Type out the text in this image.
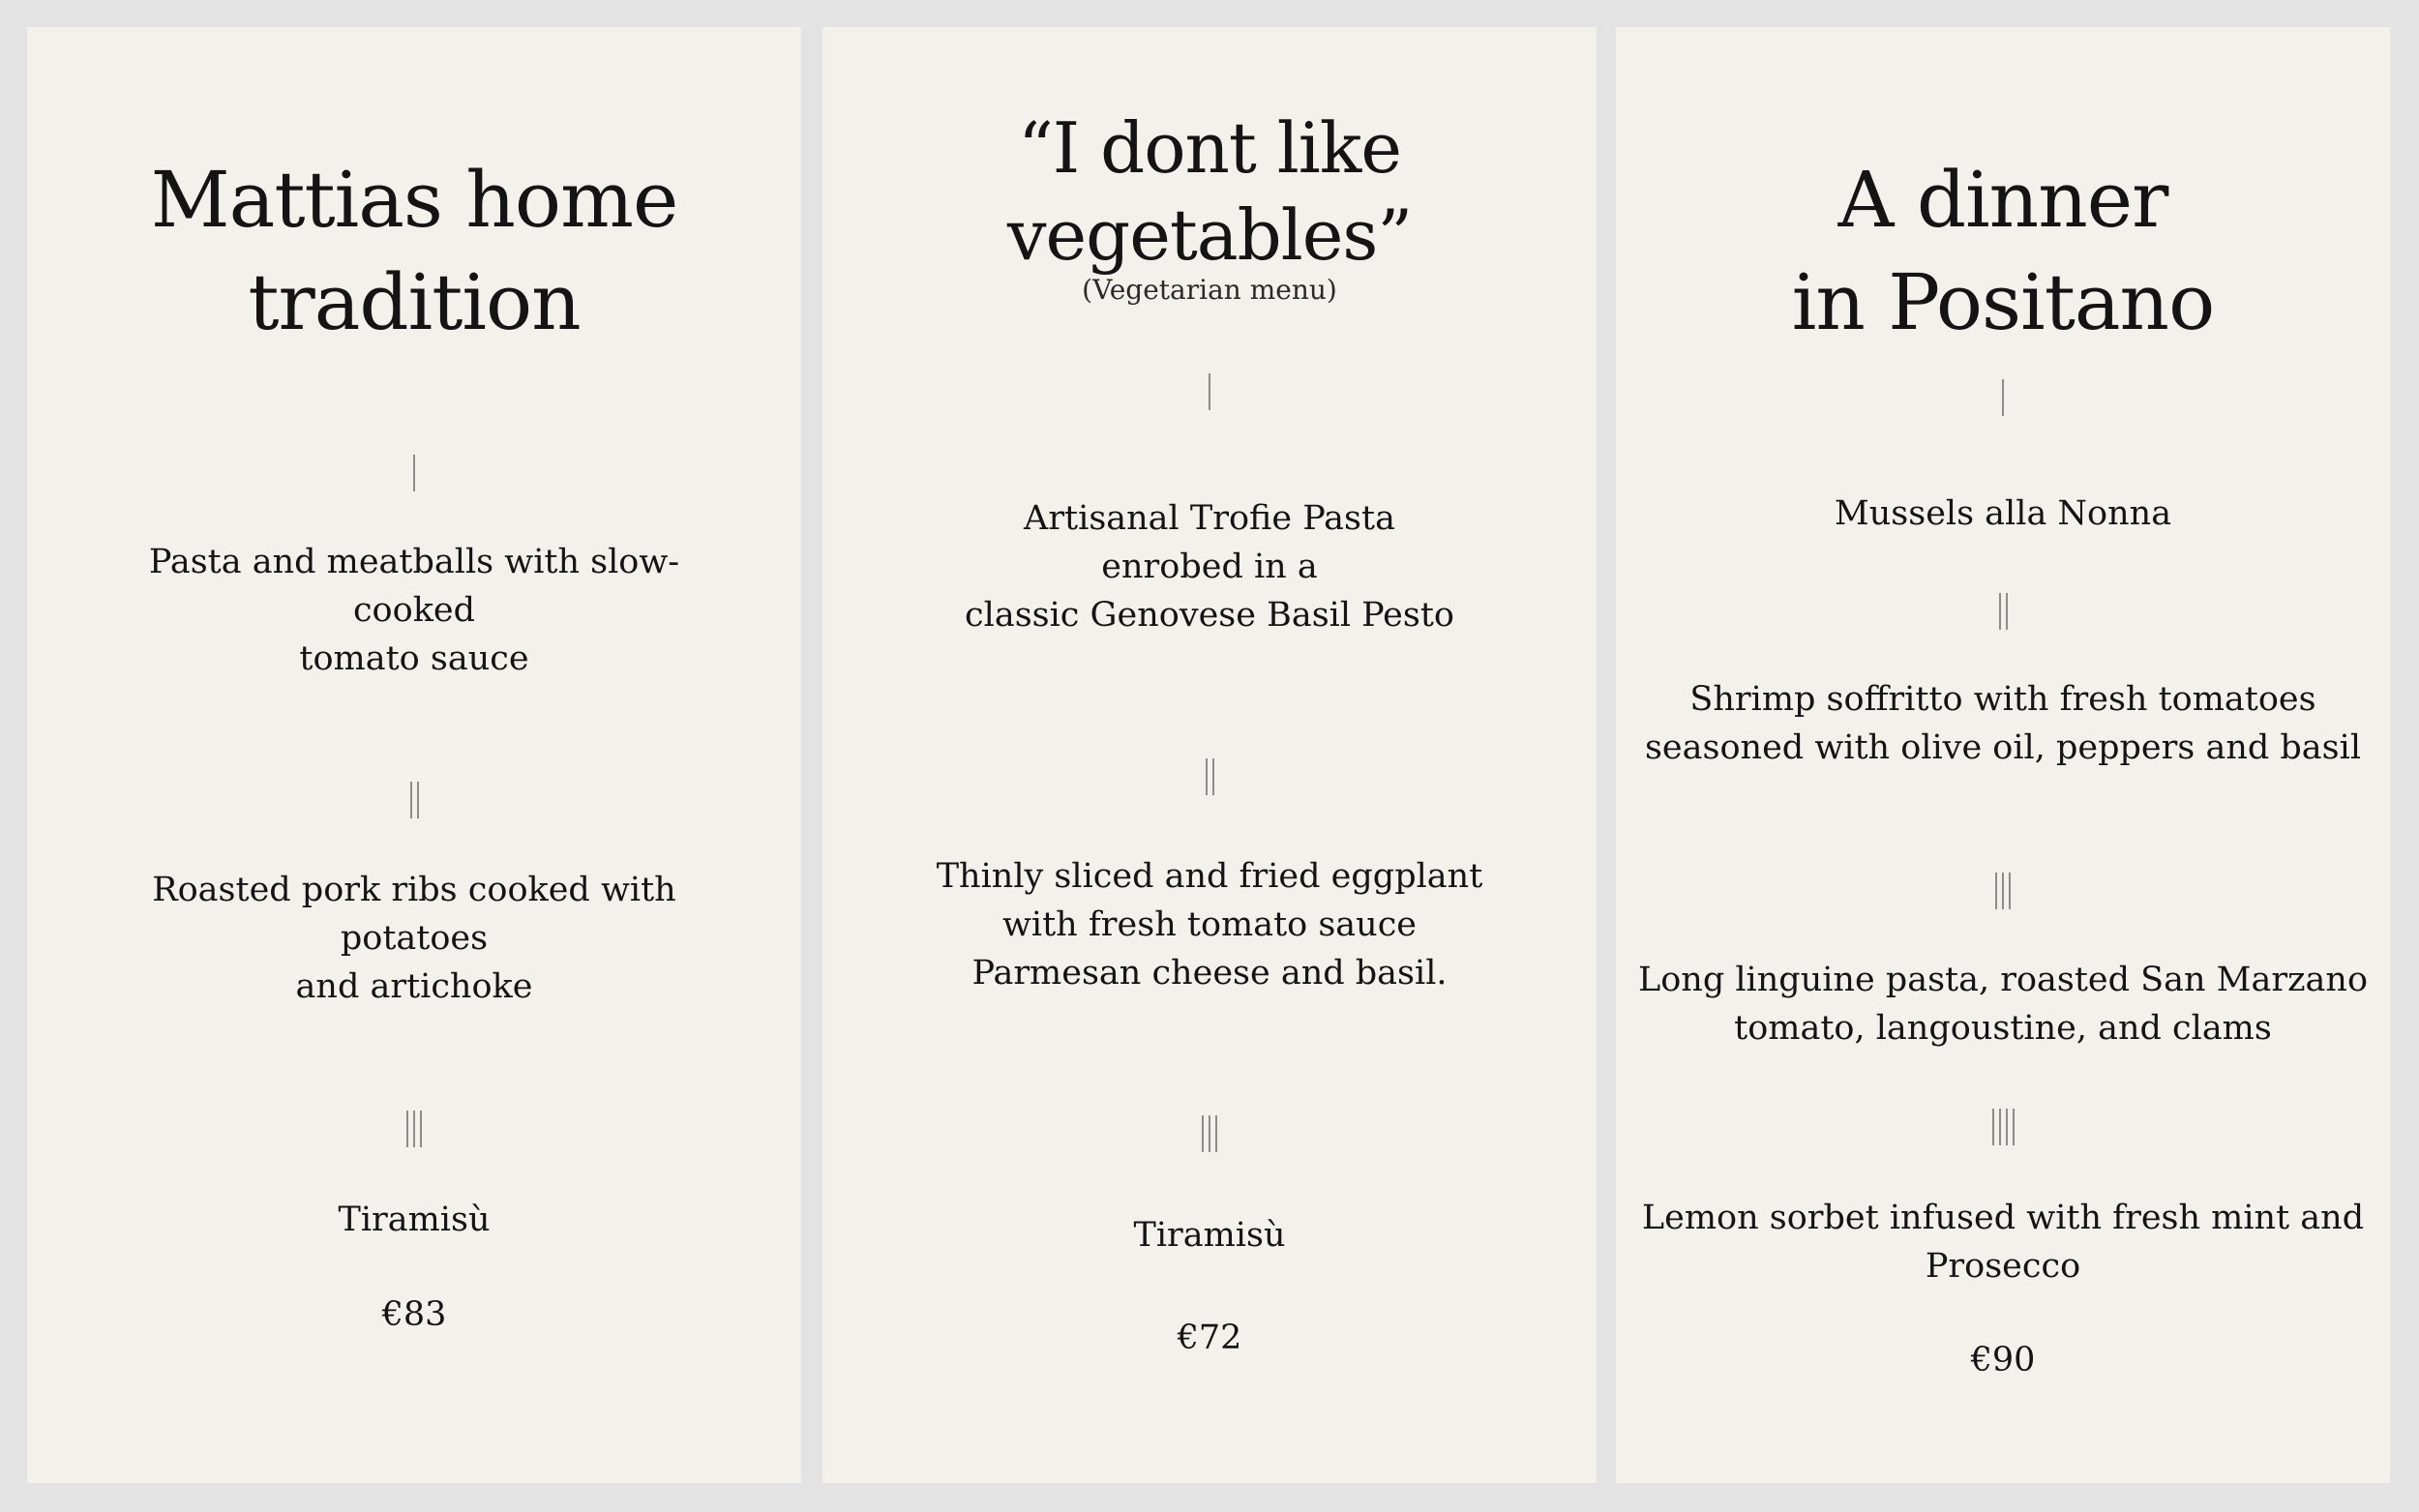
Mattias home tradition
Pasta and meatballs with slow-
cooked
tomato sauce
Roasted pork ribs cooked with
potatoes
and artichoke
Tiramisù
€83
“I dont like vegetables”
(Vegetarian menu)
Artisanal Trofie Pasta
enrobed in a
classic Genovese Basil Pesto
Thinly sliced and fried eggplant
with fresh tomato sauce
Parmesan cheese and basil.
Tiramisù
€72
A dinner in Positano
Mussels alla Nonna
Shrimp soffritto with fresh tomatoes
seasoned with olive oil, peppers and basil
Long linguine pasta, roasted San Marzano
tomato, langoustine, and clams
Lemon sorbet infused with fresh mint and
Prosecco
€90
